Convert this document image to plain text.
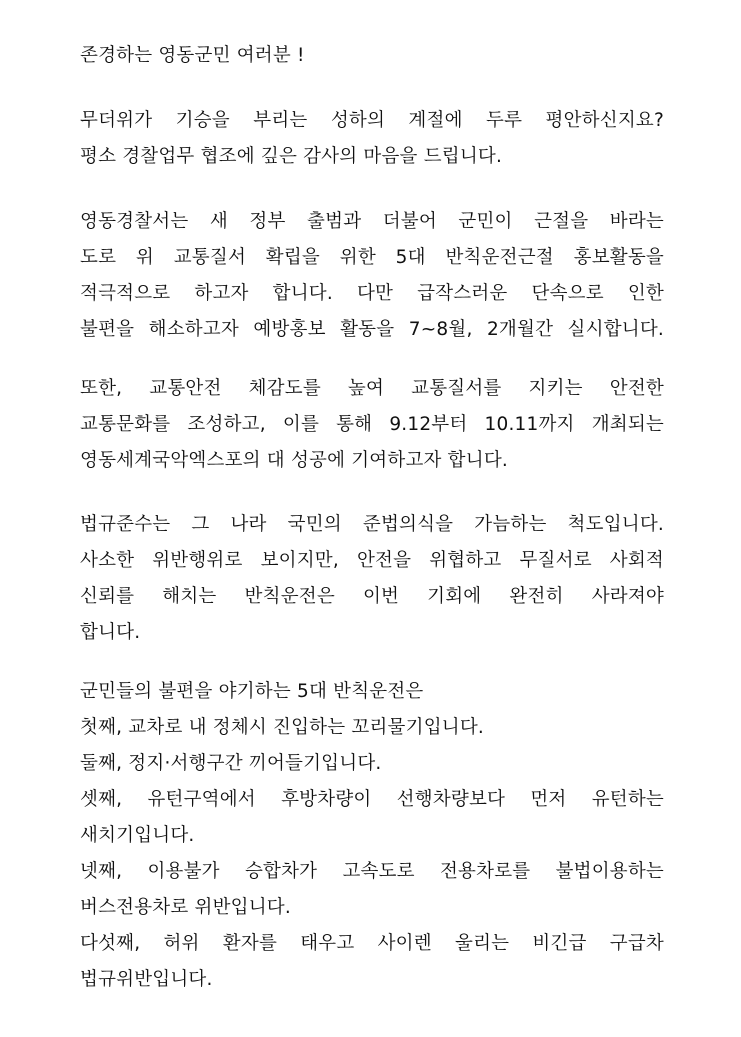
존경하는 영동군민 여러분 !
무더위가 기승을 부리는 성하의 계절에 두루 평안하신지요?
평소 경찰업무 협조에 깊은 감사의 마음을 드립니다.
영동경찰서는 새 정부 출범과 더불어 군민이 근절을 바라는
도로 위 교통질서 확립을 위한 5대 반칙운전근절 홍보활동을
적극적으로 하고자 합니다. 다만 급작스러운 단속으로 인한
불편을 해소하고자 예방홍보 활동을 7~8월, 2개월간 실시합니다.
또한, 교통안전 체감도를 높여 교통질서를 지키는 안전한
교통문화를 조성하고, 이를 통해 9.12부터 10.11까지 개최되는
영동세계국악엑스포의 대 성공에 기여하고자 합니다.
법규준수는 그 나라 국민의 준법의식을 가늠하는 척도입니다.
사소한 위반행위로 보이지만, 안전을 위협하고 무질서로 사회적
신뢰를 해치는 반칙운전은 이번 기회에 완전히 사라져야
합니다.
군민들의 불편을 야기하는 5대 반칙운전은
첫째, 교차로 내 정체시 진입하는 꼬리물기입니다.
둘째, 정지·서행구간 끼어들기입니다.
셋째, 유턴구역에서 후방차량이 선행차량보다 먼저 유턴하는
새치기입니다.
넷째, 이용불가 승합차가 고속도로 전용차로를 불법이용하는
버스전용차로 위반입니다.
다섯째, 허위 환자를 태우고 사이렌 울리는 비긴급 구급차
법규위반입니다.
